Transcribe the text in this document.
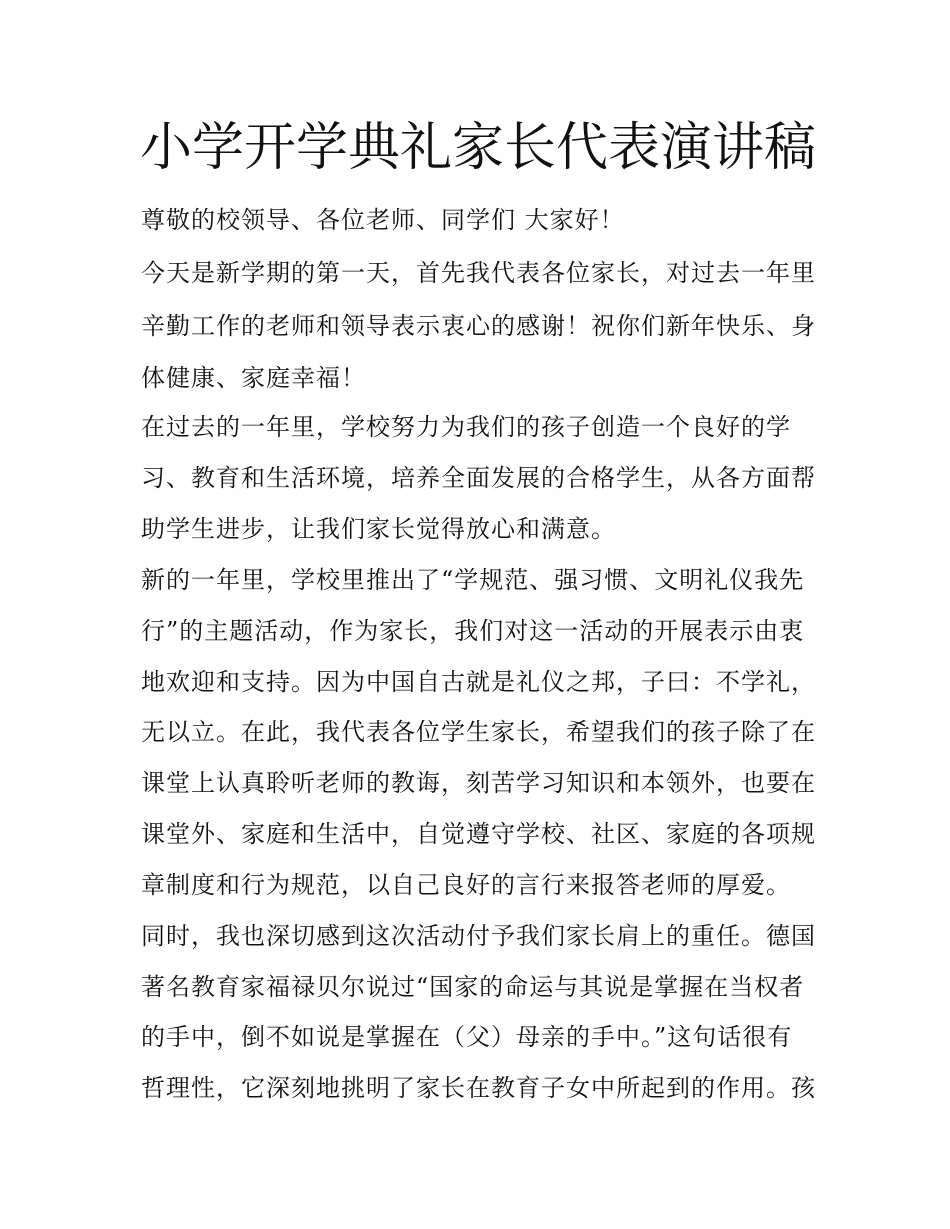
小学开学典礼家长代表演讲稿

尊敬的校领导、各位老师、同学们 大家好！

今天是新学期的第一天，首先我代表各位家长，对过去一年里

辛勤工作的老师和领导表示衷心的感谢！祝你们新年快乐、身

体健康、家庭幸福！

在过去的一年里，学校努力为我们的孩子创造一个良好的学

习、教育和生活环境，培养全面发展的合格学生，从各方面帮

助学生进步，让我们家长觉得放心和满意。

新的一年里，学校里推出了“学规范、强习惯、文明礼仪我先

行”的主题活动，作为家长，我们对这一活动的开展表示由衷

地欢迎和支持。因为中国自古就是礼仪之邦，子曰：不学礼，

无以立。在此，我代表各位学生家长，希望我们的孩子除了在

课堂上认真聆听老师的教诲，刻苦学习知识和本领外，也要在

课堂外、家庭和生活中，自觉遵守学校、社区、家庭的各项规

章制度和行为规范，以自己良好的言行来报答老师的厚爱。

同时，我也深切感到这次活动付予我们家长肩上的重任。德国

著名教育家福禄贝尔说过“国家的命运与其说是掌握在当权者

的手中，倒不如说是掌握在（父）母亲的手中。”这句话很有

哲理性，它深刻地挑明了家长在教育子女中所起到的作用。孩
